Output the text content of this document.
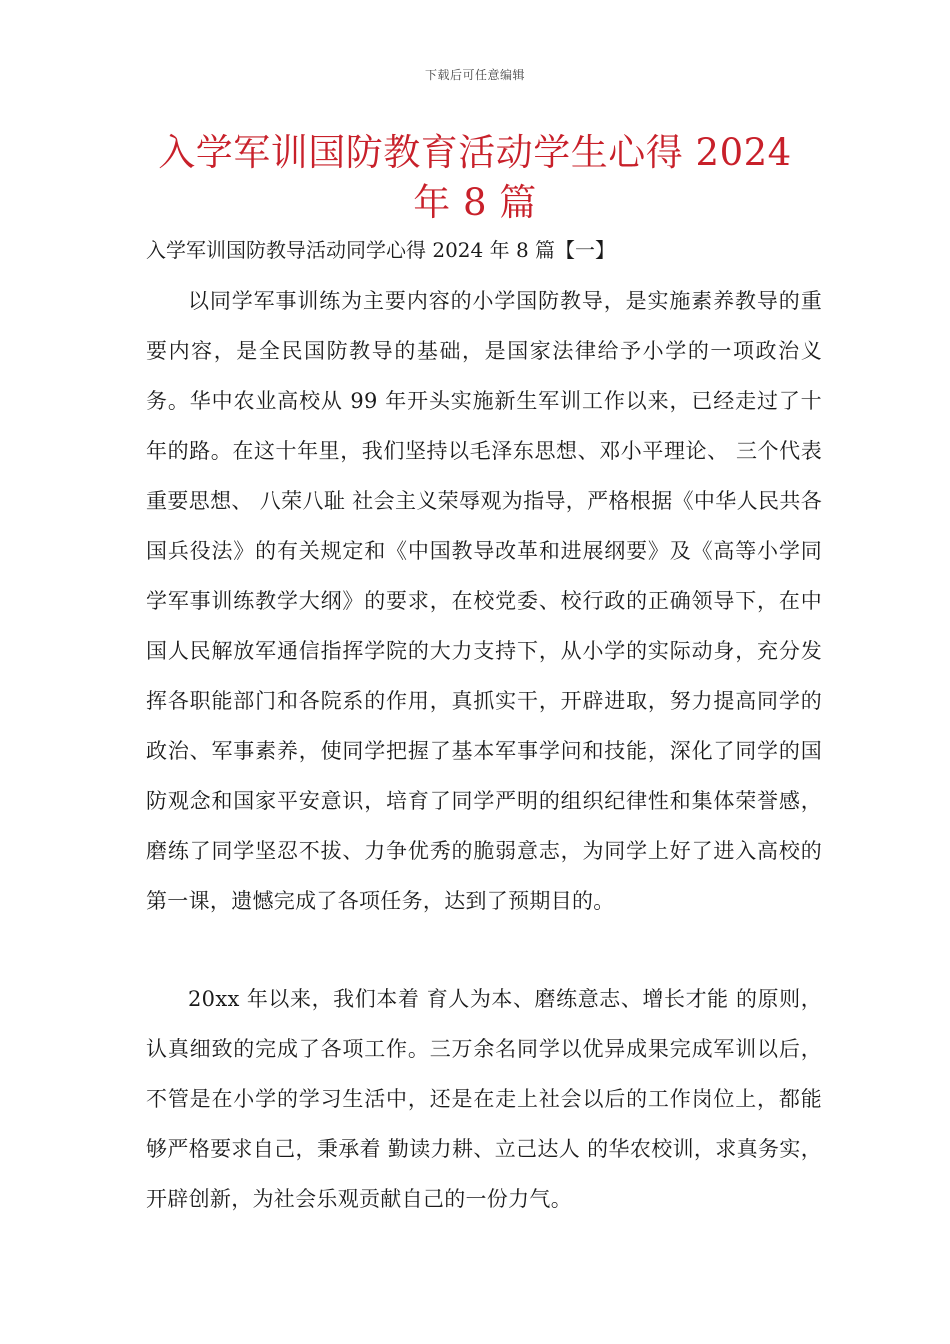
下载后可任意编辑
入学军训国防教育活动学生心得 2024 年 8 篇
入学军训国防教导活动同学心得 2024 年 8 篇【一】

以同学军事训练为主要内容的小学国防教导，是实施素养教导的重要内容，是全民国防教导的基础，是国家法律给予小学的一项政治义务。华中农业高校从 99 年开头实施新生军训工作以来，已经走过了十年的路。在这十年里，我们坚持以毛泽东思想、邓小平理论、 三个代表 重要思想、 八荣八耻 社会主义荣辱观为指导，严格根据《中华人民共各国兵役法》的有关规定和《中国教导改革和进展纲要》及《高等小学同学军事训练教学大纲》的要求，在校党委、校行政的正确领导下，在中国人民解放军通信指挥学院的大力支持下，从小学的实际动身，充分发挥各职能部门和各院系的作用，真抓实干，开辟进取，努力提高同学的政治、军事素养，使同学把握了基本军事学问和技能，深化了同学的国防观念和国家平安意识，培育了同学严明的组织纪律性和集体荣誉感，磨练了同学坚忍不拔、力争优秀的脆弱意志，为同学上好了进入高校的第一课，遗憾完成了各项任务，达到了预期目的。

20xx 年以来，我们本着 育人为本、磨练意志、增长才能 的原则，认真细致的完成了各项工作。三万余名同学以优异成果完成军训以后，不管是在小学的学习生活中，还是在走上社会以后的工作岗位上，都能够严格要求自己，秉承着 勤读力耕、立己达人 的华农校训，求真务实，开辟创新，为社会乐观贡献自己的一份力气。
